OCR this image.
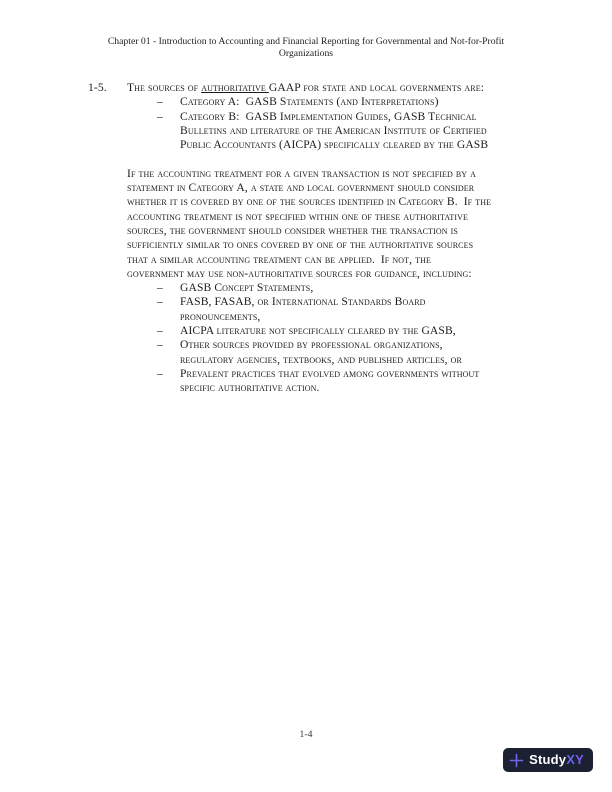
Chapter 01 - Introduction to Accounting and Financial Reporting for Governmental and Not-for-Profit
Organizations
1-5.	The sources of authoritative GAAP for state and local governments are:
–	Category A:  GASB Statements (and Interpretations)
–	Category B:  GASB Implementation Guides, GASB Technical
Bulletins and literature of the American Institute of Certified
Public Accountants (AICPA) specifically cleared by the GASB
If the accounting treatment for a given transaction is not specified by a
statement in Category A, a state and local government should consider
whether it is covered by one of the sources identified in Category B.  If the
accounting treatment is not specified within one of these authoritative
sources, the government should consider whether the transaction is
sufficiently similar to ones covered by one of the authoritative sources
that a similar accounting treatment can be applied.  If not, the
government may use non-authoritative sources for guidance, including:
–	GASB Concept Statements,
–	FASB, FASAB, or International Standards Board
pronouncements,
–	AICPA literature not specifically cleared by the GASB,
–	Other sources provided by professional organizations,
regulatory agencies, textbooks, and published articles, or
–	Prevalent practices that evolved among governments without
specific authoritative action.
1-4
StudyXY
